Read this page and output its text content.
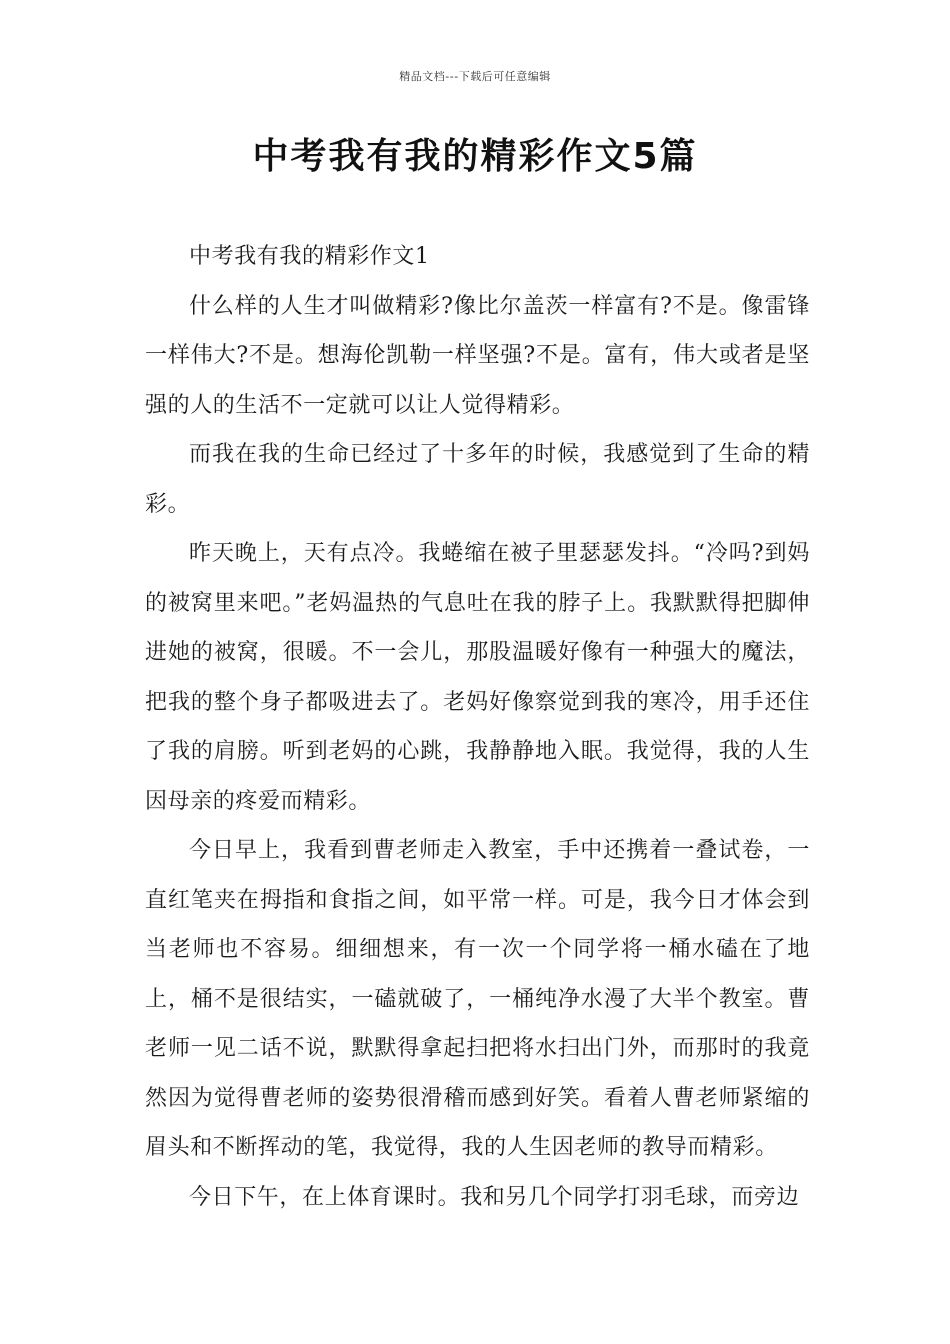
精品文档---下载后可任意编辑
中考我有我的精彩作文5篇

中考我有我的精彩作文1

什么样的人生才叫做精彩?像比尔盖茨一样富有?不是。像雷锋一样伟大?不是。想海伦凯勒一样坚强?不是。富有，伟大或者是坚强的人的生活不一定就可以让人觉得精彩。

而我在我的生命已经过了十多年的时候，我感觉到了生命的精彩。

昨天晚上，天有点冷。我蜷缩在被子里瑟瑟发抖。“冷吗?到妈的被窝里来吧。”老妈温热的气息吐在我的脖子上。我默默得把脚伸进她的被窝，很暖。不一会儿，那股温暖好像有一种强大的魔法，把我的整个身子都吸进去了。老妈好像察觉到我的寒冷，用手还住了我的肩膀。听到老妈的心跳，我静静地入眠。我觉得，我的人生因母亲的疼爱而精彩。

今日早上，我看到曹老师走入教室，手中还携着一叠试卷，一直红笔夹在拇指和食指之间，如平常一样。可是，我今日才体会到当老师也不容易。细细想来，有一次一个同学将一桶水磕在了地上，桶不是很结实，一磕就破了，一桶纯净水漫了大半个教室。曹老师一见二话不说，默默得拿起扫把将水扫出门外，而那时的我竟然因为觉得曹老师的姿势很滑稽而感到好笑。看着人曹老师紧缩的眉头和不断挥动的笔，我觉得，我的人生因老师的教导而精彩。

今日下午，在上体育课时。我和另几个同学打羽毛球，而旁边
